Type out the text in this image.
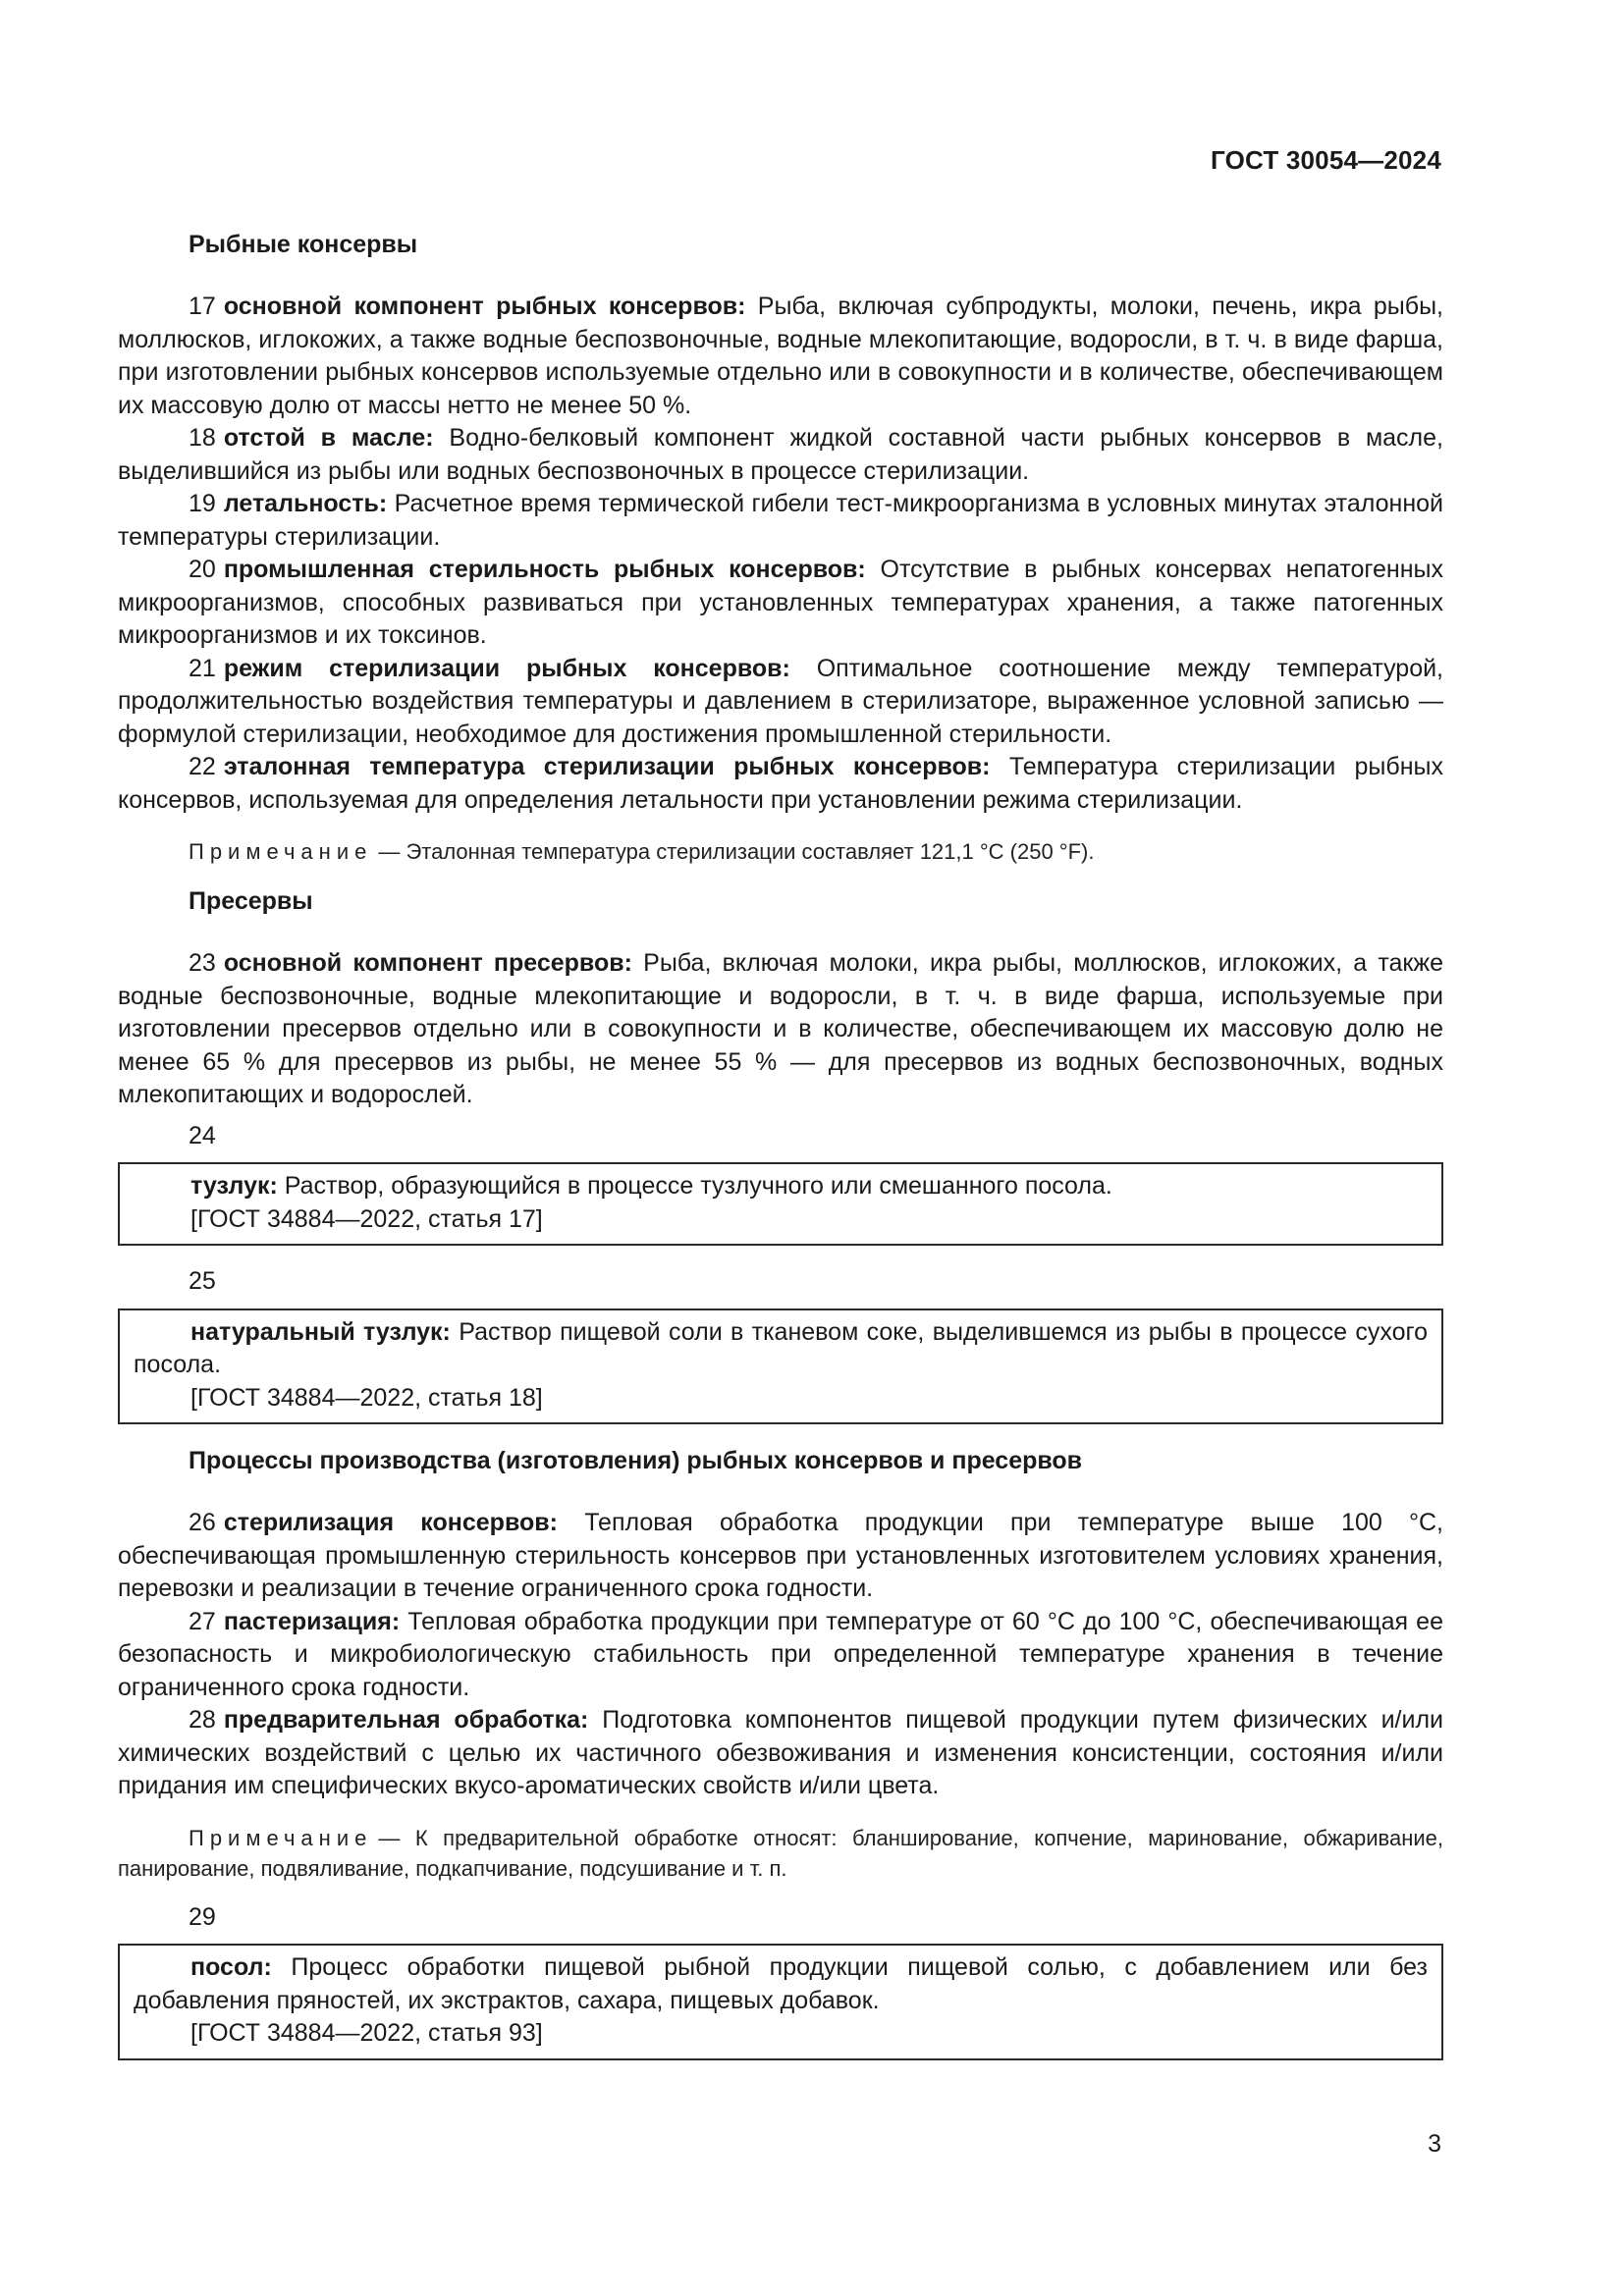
ГОСТ 30054—2024
Рыбные консервы

17 основной компонент рыбных консервов: Рыба, включая субпродукты, молоки, печень, икра рыбы, моллюсков, иглокожих, а также водные беспозвоночные, водные млекопитающие, водоросли, в т. ч. в виде фарша, при изготовлении рыбных консервов используемые отдельно или в совокупности и в количестве, обеспечивающем их массовую долю от массы нетто не менее 50 %.

18 отстой в масле: Водно-белковый компонент жидкой составной части рыбных консервов в масле, выделившийся из рыбы или водных беспозвоночных в процессе стерилизации.

19 летальность: Расчетное время термической гибели тест-микроорганизма в условных минутах эталонной температуры стерилизации.

20 промышленная стерильность рыбных консервов: Отсутствие в рыбных консервах непатогенных микроорганизмов, способных развиваться при установленных температурах хранения, а также патогенных микроорганизмов и их токсинов.

21 режим стерилизации рыбных консервов: Оптимальное соотношение между температурой, продолжительностью воздействия температуры и давлением в стерилизаторе, выраженное условной записью — формулой стерилизации, необходимое для достижения промышленной стерильности.

22 эталонная температура стерилизации рыбных консервов: Температура стерилизации рыбных консервов, используемая для определения летальности при установлении режима стерилизации.

Примечание — Эталонная температура стерилизации составляет 121,1 °С (250 °F).
Пресервы

23 основной компонент пресервов: Рыба, включая молоки, икра рыбы, моллюсков, иглокожих, а также водные беспозвоночные, водные млекопитающие и водоросли, в т. ч. в виде фарша, используемые при изготовлении пресервов отдельно или в совокупности и в количестве, обеспечивающем их массовую долю не менее 65 % для пресервов из рыбы, не менее 55 % — для пресервов из водных беспозвоночных, водных млекопитающих и водорослей.

24

тузлук: Раствор, образующийся в процессе тузлучного или смешанного посола.

[ГОСТ 34884—2022, статья 17]
25

натуральный тузлук: Раствор пищевой соли в тканевом соке, выделившемся из рыбы в процессе сухого посола.

[ГОСТ 34884—2022, статья 18]
Процессы производства (изготовления) рыбных консервов и пресервов

26 стерилизация консервов: Тепловая обработка продукции при температуре выше 100 °С, обеспечивающая промышленную стерильность консервов при установленных изготовителем условиях хранения, перевозки и реализации в течение ограниченного срока годности.

27 пастеризация: Тепловая обработка продукции при температуре от 60 °С до 100 °С, обеспечивающая ее безопасность и микробиологическую стабильность при определенной температуре хранения в течение ограниченного срока годности.

28 предварительная обработка: Подготовка компонентов пищевой продукции путем физических и/или химических воздействий с целью их частичного обезвоживания и изменения консистенции, состояния и/или придания им специфических вкусо-ароматических свойств и/или цвета.

Примечание — К предварительной обработке относят: бланширование, копчение, маринование, обжаривание, панирование, подвяливание, подкапчивание, подсушивание и т. п.
29

посол: Процесс обработки пищевой рыбной продукции пищевой солью, с добавлением или без добавления пряностей, их экстрактов, сахара, пищевых добавок.

[ГОСТ 34884—2022, статья 93]
3
